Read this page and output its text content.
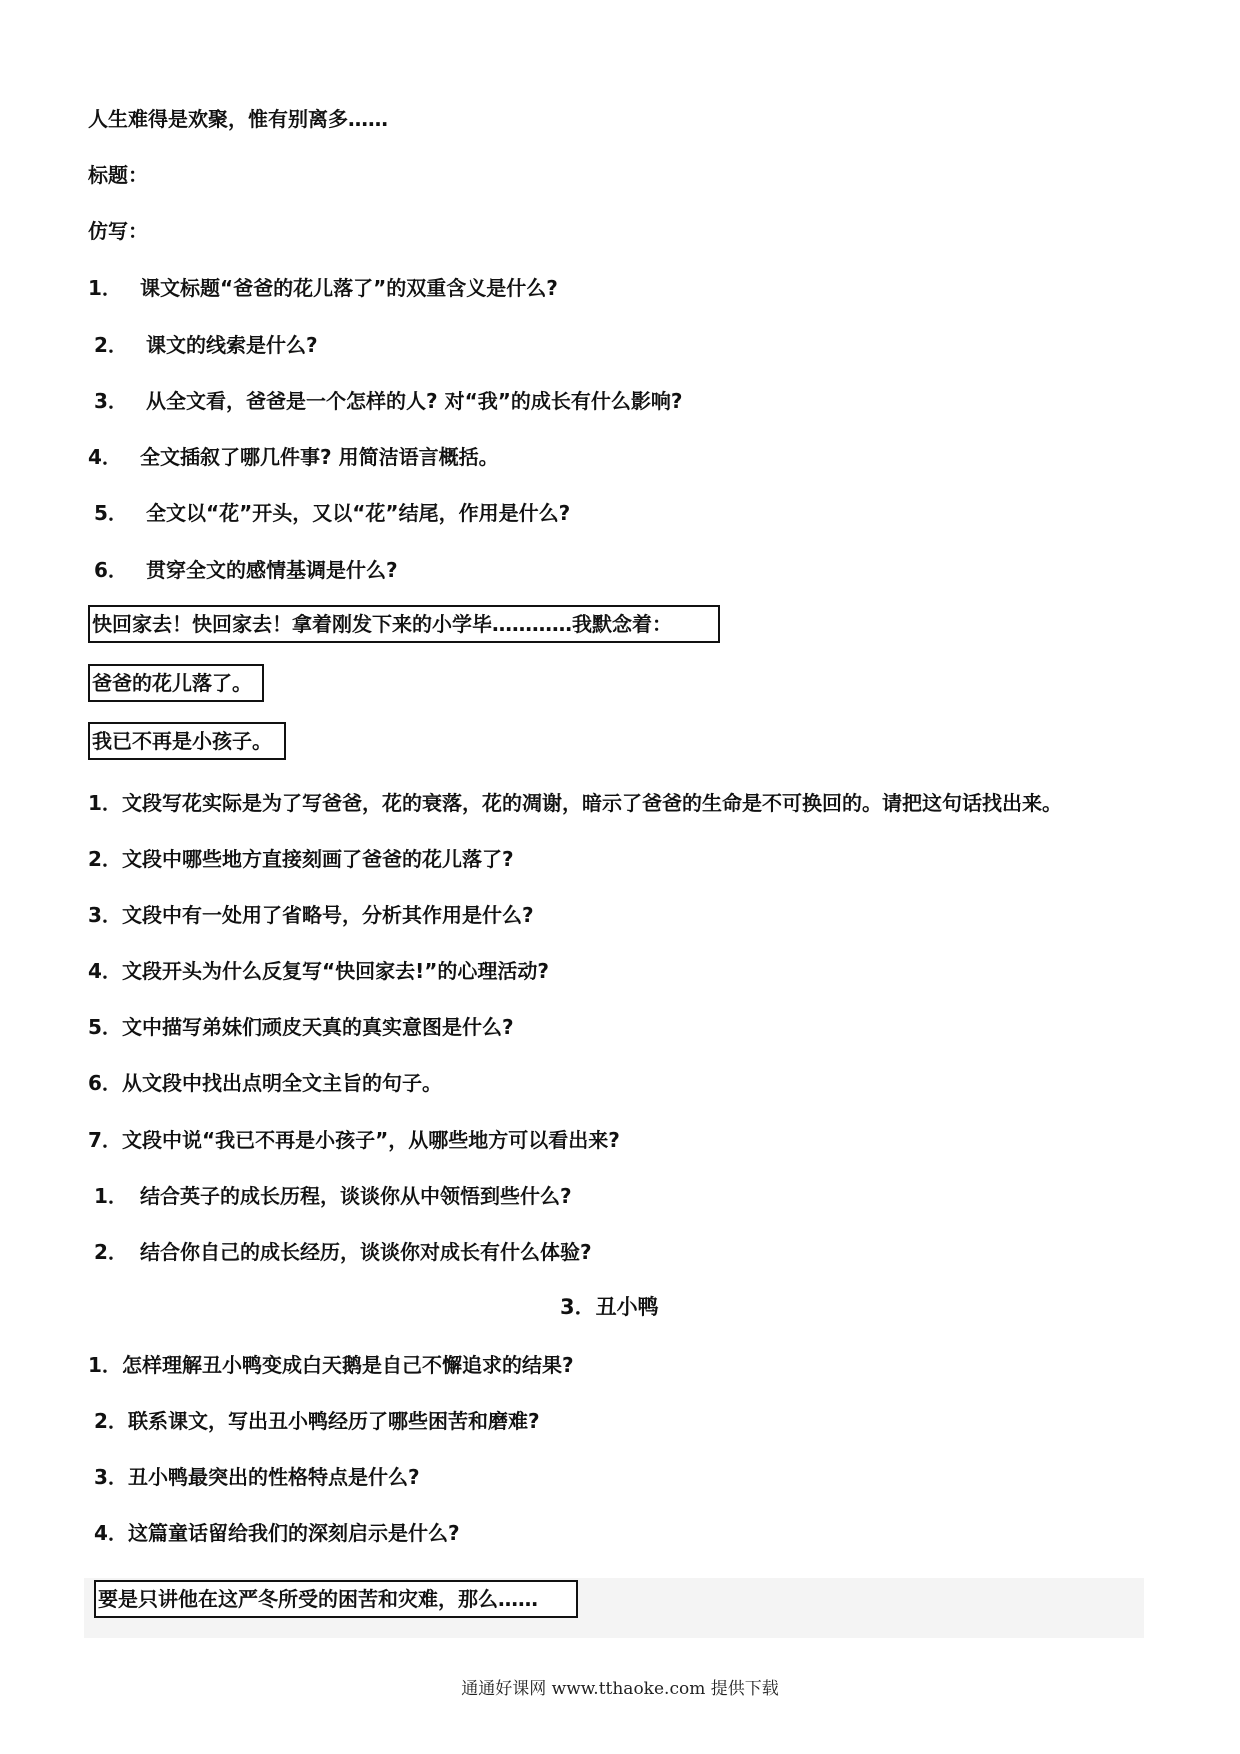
人生难得是欢聚，惟有别离多……
标题：
仿写：
1． 课文标题“爸爸的花儿落了”的双重含义是什么?
2． 课文的线索是什么?
3． 从全文看，爸爸是一个怎样的人? 对“我”的成长有什么影响?
4． 全文插叙了哪几件事? 用简洁语言概括。
5． 全文以“花”开头，又以“花”结尾，作用是什么?
6． 贯穿全文的感情基调是什么?
快回家去！快回家去！拿着刚发下来的小学毕…………我默念着：
爸爸的花儿落了。
我已不再是小孩子。
1．文段写花实际是为了写爸爸，花的衰落，花的凋谢，暗示了爸爸的生命是不可换回的。请把这句话找出来。
2．文段中哪些地方直接刻画了爸爸的花儿落了?
3．文段中有一处用了省略号，分析其作用是什么?
4．文段开头为什么反复写“快回家去!”的心理活动?
5．文中描写弟妹们顽皮天真的真实意图是什么?
6．从文段中找出点明全文主旨的句子。
7．文段中说“我已不再是小孩子”，从哪些地方可以看出来?
1． 结合英子的成长历程，谈谈你从中领悟到些什么?
2． 结合你自己的成长经历，谈谈你对成长有什么体验?
3．丑小鸭
1．怎样理解丑小鸭变成白天鹅是自己不懈追求的结果?
2．联系课文，写出丑小鸭经历了哪些困苦和磨难?
3．丑小鸭最突出的性格特点是什么?
4．这篇童话留给我们的深刻启示是什么?
要是只讲他在这严冬所受的困苦和灾难，那么……
通通好课网 www.tthaoke.com 提供下载
